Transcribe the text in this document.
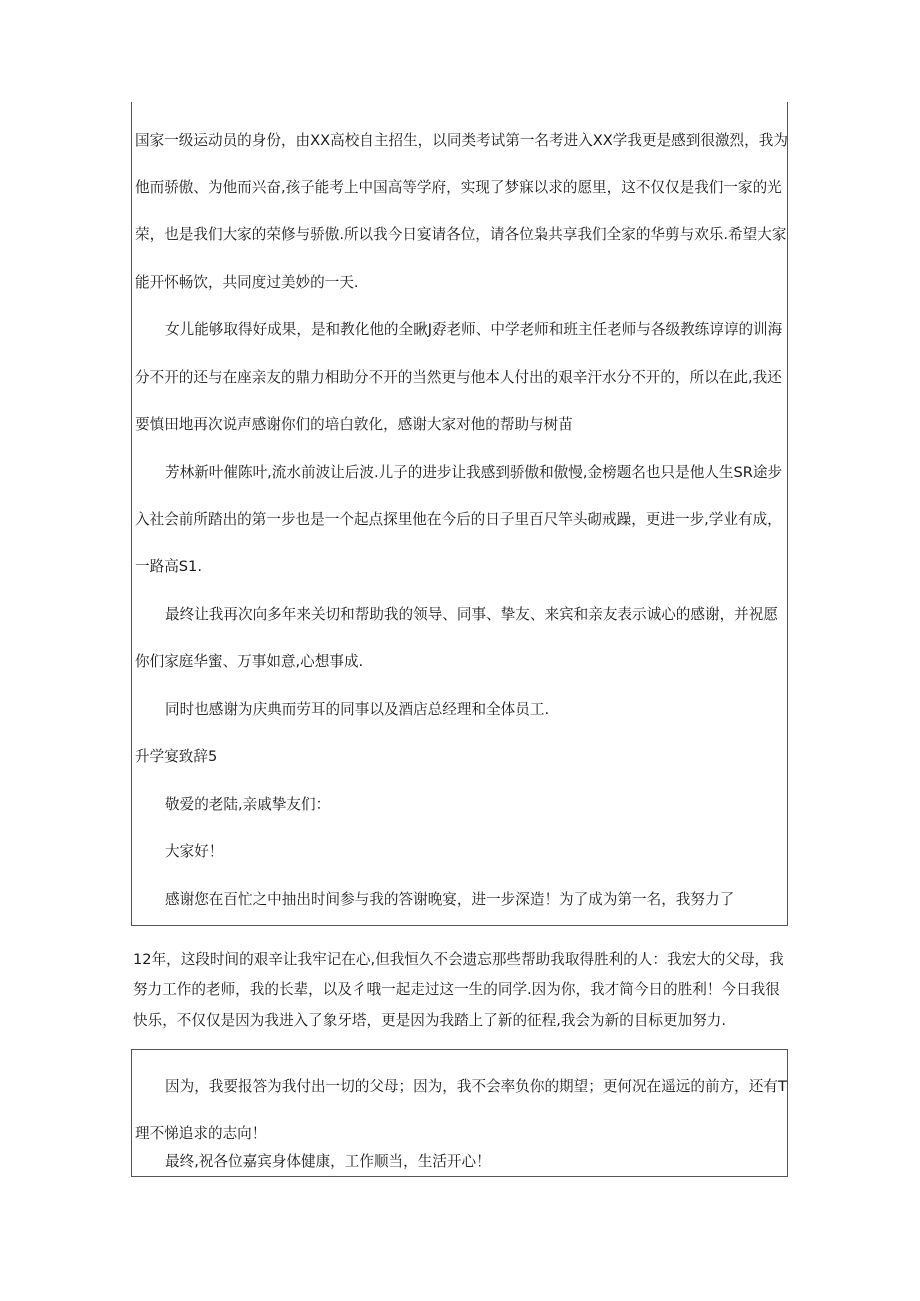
国家一级运动员的身份，由XX高校自主招生，以同类考试第一名考进入XX学我更是感到很激烈，我为
他而骄傲、为他而兴奋,孩子能考上中国高等学府，实现了梦寐以求的愿里，这不仅仅是我们一家的光
荣，也是我们大家的荣修与骄傲.所以我今日宴请各位，请各位枭共享我们全家的华剪与欢乐.希望大家
能开怀畅饮，共同度过美妙的一天.
女儿能够取得好成果，是和教化他的全瞅J孬老师、中学老师和班主任老师与各级教练谆谆的训海
分不开的还与在座亲友的鼎力相助分不开的当然更与他本人付出的艰辛汗水分不开的，所以在此,我还
要慎田地再次说声感谢你们的培白敦化，感谢大家对他的帮助与树苗
芳林新叶催陈叶,流水前波让后波.儿子的进步让我感到骄傲和傲慢,金榜题名也只是他人生SR途步
入社会前所踏出的第一步也是一个起点探里他在今后的日子里百尺竿头砌戒躁，更进一步,学业有成，
一路高S1.
最终让我再次向多年来关切和帮助我的领导、同事、挚友、来宾和亲友表示诚心的感谢，并祝愿
你们家庭华蜜、万事如意,心想事成.
同时也感谢为庆典而劳耳的同事以及酒店总经理和全体员工.
升学宴致辞5
敬爱的老陆,亲戚挚友们：
大家好！
感谢您在百忙之中抽出时间参与我的答谢晚宴，进一步深造！为了成为第一名，我努力了
12年，这段时间的艰辛让我牢记在心,但我恒久不会遗忘那些帮助我取得胜利的人：我宏大的父母，我
努力工作的老师，我的长辈，以及彳哦一起走过这一生的同学.因为你，我才简今日的胜利！今日我很
快乐，不仅仅是因为我进入了象牙塔，更是因为我踏上了新的征程,我会为新的目标更加努力.
因为，我要报答为我付出一切的父母；因为，我不会率负你的期望；更何况在遥远的前方，还有T
理不悌追求的志向！
最终,祝各位嘉宾身体健康，工作顺当，生活开心！
